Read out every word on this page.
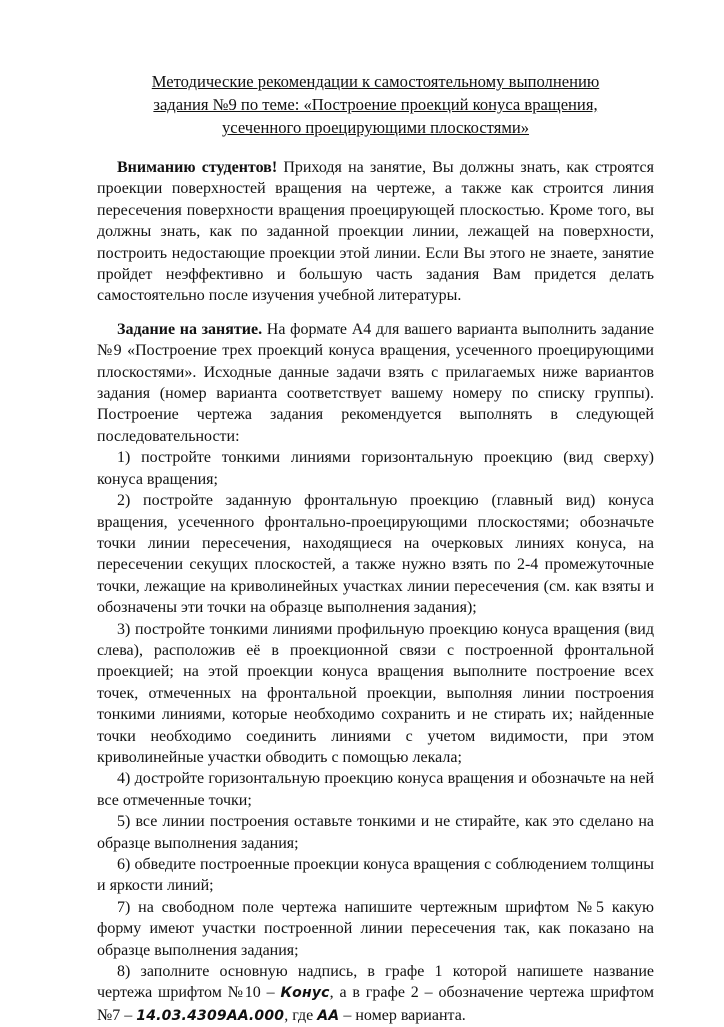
Методические рекомендации к самостоятельному выполнению
задания №9 по теме: «Построение проекций конуса вращения,
усеченного проецирующими плоскостями»

Вниманию студентов! Приходя на занятие, Вы должны знать, как строятся проекции поверхностей вращения на чертеже, а также как строится линия пересечения поверхности вращения проецирующей плоскостью. Кроме того, вы должны знать, как по заданной проекции линии, лежащей на поверхности, построить недостающие проекции этой линии. Если Вы этого не знаете, занятие пройдет неэффективно и большую часть задания Вам придется делать самостоятельно после изучения учебной литературы.

Задание на занятие. На формате А4 для вашего варианта выполнить задание №9 «Построение трех проекций конуса вращения, усеченного проецирующими плоскостями». Исходные данные задачи взять с прилагаемых ниже вариантов задания (номер варианта соответствует вашему номеру по списку группы). Построение чертежа задания рекомендуется выполнять в следующей последовательности:

1) постройте тонкими линиями горизонтальную проекцию (вид сверху) конуса вращения;

2) постройте заданную фронтальную проекцию (главный вид) конуса вращения, усеченного фронтально-проецирующими плоскостями; обозначьте точки линии пересечения, находящиеся на очерковых линиях конуса, на пересечении секущих плоскостей, а также нужно взять по 2-4 промежуточные точки, лежащие на криволинейных участках линии пересечения (см. как взяты и обозначены эти точки на образце выполнения задания);

3) постройте тонкими линиями профильную проекцию конуса вращения (вид слева), расположив её в проекционной связи с построенной фронтальной проекцией; на этой проекции конуса вращения выполните построение всех точек, отмеченных на фронтальной проекции, выполняя линии построения тонкими линиями, которые необходимо сохранить и не стирать их; найденные точки необходимо соединить линиями с учетом видимости, при этом криволинейные участки обводить с помощью лекала;

4) достройте горизонтальную проекцию конуса вращения и обозначьте на ней все отмеченные точки;

5) все линии построения оставьте тонкими и не стирайте, как это сделано на образце выполнения задания;

6) обведите построенные проекции конуса вращения с соблюдением толщины и яркости линий;

7) на свободном поле чертежа напишите чертежным шрифтом №5 какую форму имеют участки построенной линии пересечения так, как показано на образце выполнения задания;

8) заполните основную надпись, в графе 1 которой напишете название чертежа шрифтом №10 – Конус, а в графе 2 – обозначение чертежа шрифтом №7 – 14.03.4309АА.000, где АА – номер варианта.
